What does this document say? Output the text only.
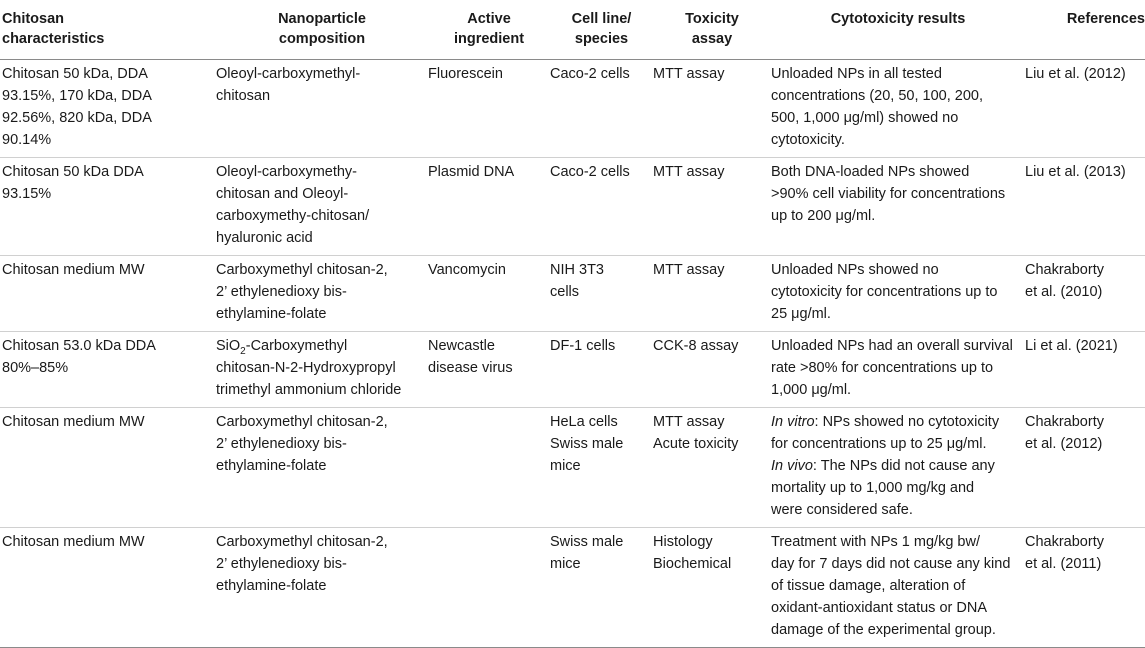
Chitosan
characteristics	Nanoparticle
composition	Active
ingredient	Cell line/
species	Toxicity
assay	Cytotoxicity results	References

Chitosan 50 kDa, DDA
93.15%, 170 kDa, DDA
92.56%, 820 kDa, DDA
90.14%	Oleoyl-carboxymethyl-
chitosan	Fluorescein	Caco-2 cells	MTT assay	Unloaded NPs in all tested
concentrations (20, 50, 100, 200,
500, 1,000 μg/ml) showed no
cytotoxicity.	Liu et al. (2012)

Chitosan 50 kDa DDA
93.15%	Oleoyl-carboxymethy-
chitosan and Oleoyl-
carboxymethy-chitosan/
hyaluronic acid	Plasmid DNA	Caco-2 cells	MTT assay	Both DNA-loaded NPs showed
>90% cell viability for concentrations
up to 200 μg/ml.	Liu et al. (2013)

Chitosan medium MW	Carboxymethyl chitosan-2,
2’ ethylenedioxy bis-
ethylamine-folate	Vancomycin	NIH 3T3
cells	MTT assay	Unloaded NPs showed no
cytotoxicity for concentrations up to
25 μg/ml.	Chakraborty
et al. (2010)

Chitosan 53.0 kDa DDA
80%–85%	SiO$_2$-Carboxymethyl
chitosan-N-2-Hydroxypropyl
trimethyl ammonium chloride	Newcastle
disease virus	DF-1 cells	CCK-8 assay	Unloaded NPs had an overall survival
rate >80% for concentrations up to
1,000 μg/ml.	Li et al. (2021)

Chitosan medium MW	Carboxymethyl chitosan-2,
2’ ethylenedioxy bis-
ethylamine-folate		HeLa cells
Swiss male
mice	MTT assay
Acute toxicity	In vitro: NPs showed no cytotoxicity
for concentrations up to 25 μg/ml.
In vivo: The NPs did not cause any
mortality up to 1,000 mg/kg and
were considered safe.	Chakraborty
et al. (2012)

Chitosan medium MW	Carboxymethyl chitosan-2,
2’ ethylenedioxy bis-
ethylamine-folate		Swiss male
mice	Histology
Biochemical	Treatment with NPs 1 mg/kg bw/
day for 7 days did not cause any kind
of tissue damage, alteration of
oxidant-antioxidant status or DNA
damage of the experimental group.	Chakraborty
et al. (2011)
